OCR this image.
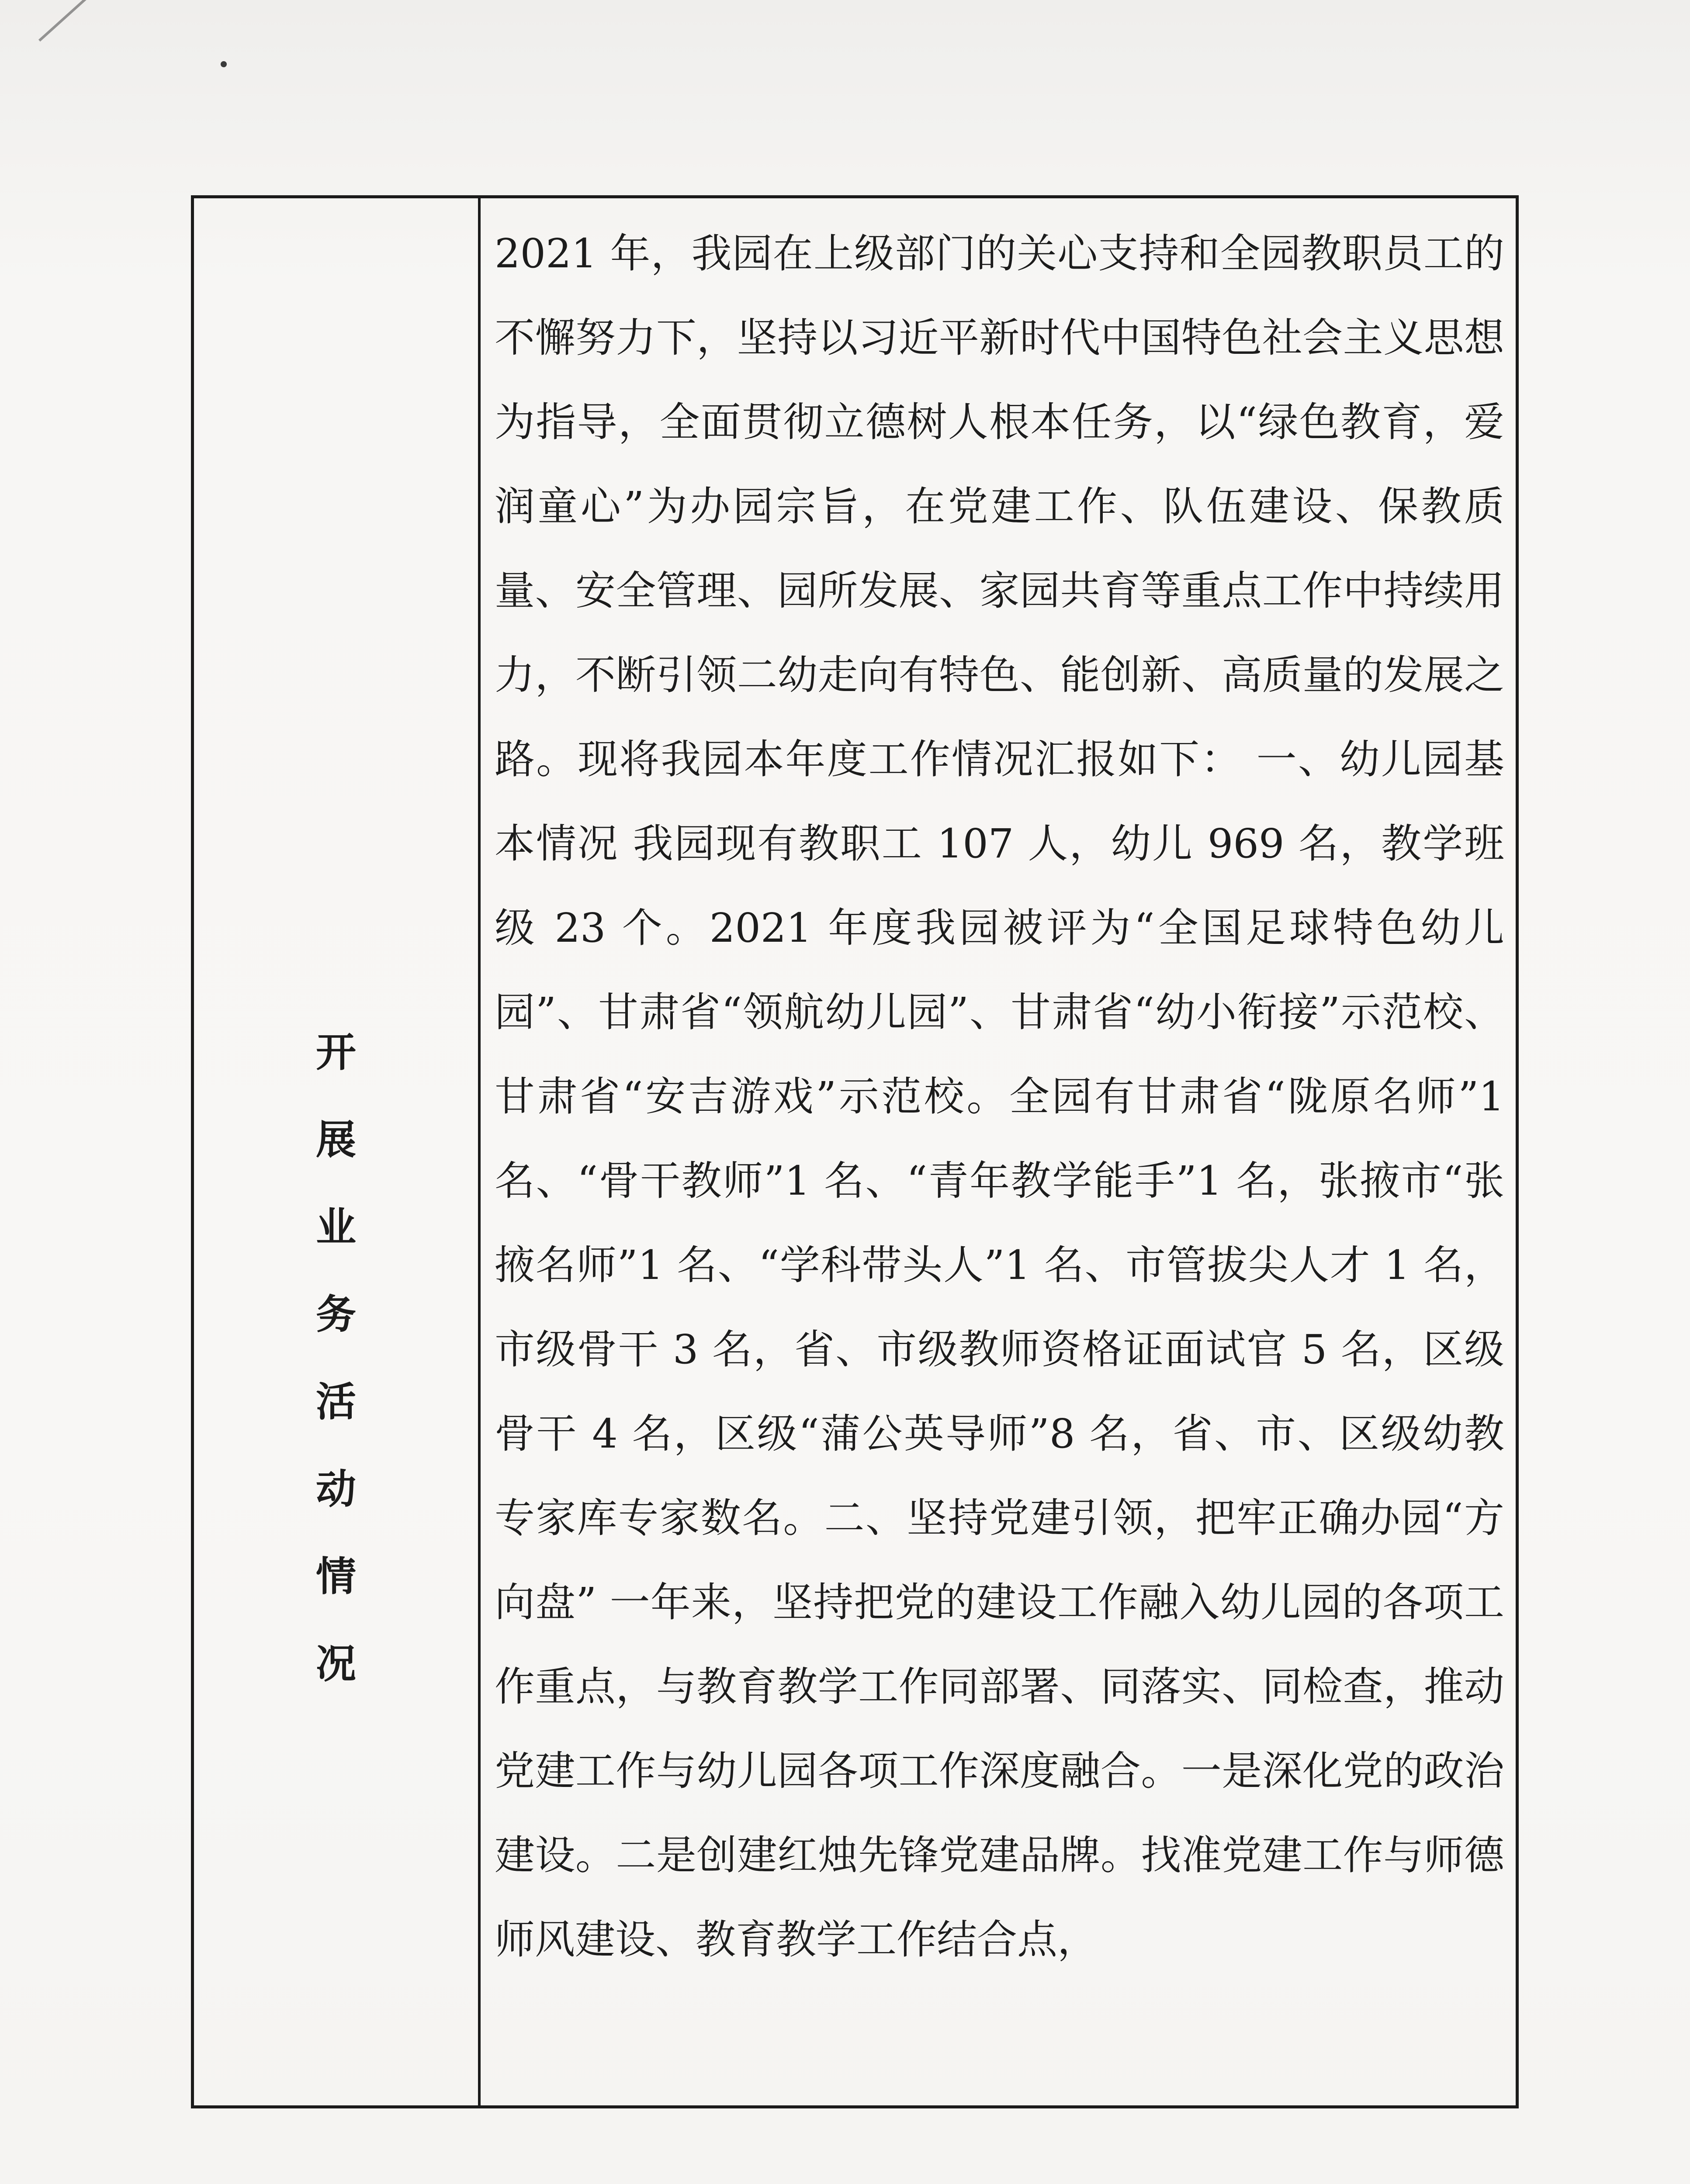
开
展
业
务
活
动
情
况

2021 年，我园在上级部门的关心支持和全园教职员工的不懈努力下，坚持以习近平新时代中国特色社会主义思想为指导，全面贯彻立德树人根本任务，以“绿色教育，爱润童心”为办园宗旨，在党建工作、队伍建设、保教质量、安全管理、园所发展、家园共育等重点工作中持续用力，不断引领二幼走向有特色、能创新、高质量的发展之路。现将我园本年度工作情况汇报如下： 一、幼儿园基本情况 我园现有教职工 107 人，幼儿 969 名，教学班级 23 个。2021 年度我园被评为“全国足球特色幼儿园”、甘肃省“领航幼儿园”、甘肃省“幼小衔接”示范校、甘肃省“安吉游戏”示范校。全园有甘肃省“陇原名师”1 名、“骨干教师”1 名、“青年教学能手”1 名，张掖市“张掖名师”1 名、“学科带头人”1 名、市管拔尖人才 1 名，市级骨干 3 名，省、市级教师资格证面试官 5 名，区级骨干 4 名，区级“蒲公英导师”8 名，省、市、区级幼教专家库专家数名。二、坚持党建引领，把牢正确办园“方向盘” 一年来，坚持把党的建设工作融入幼儿园的各项工作重点，与教育教学工作同部署、同落实、同检查，推动党建工作与幼儿园各项工作深度融合。一是深化党的政治建设。二是创建红烛先锋党建品牌。找准党建工作与师德师风建设、教育教学工作结合点，
